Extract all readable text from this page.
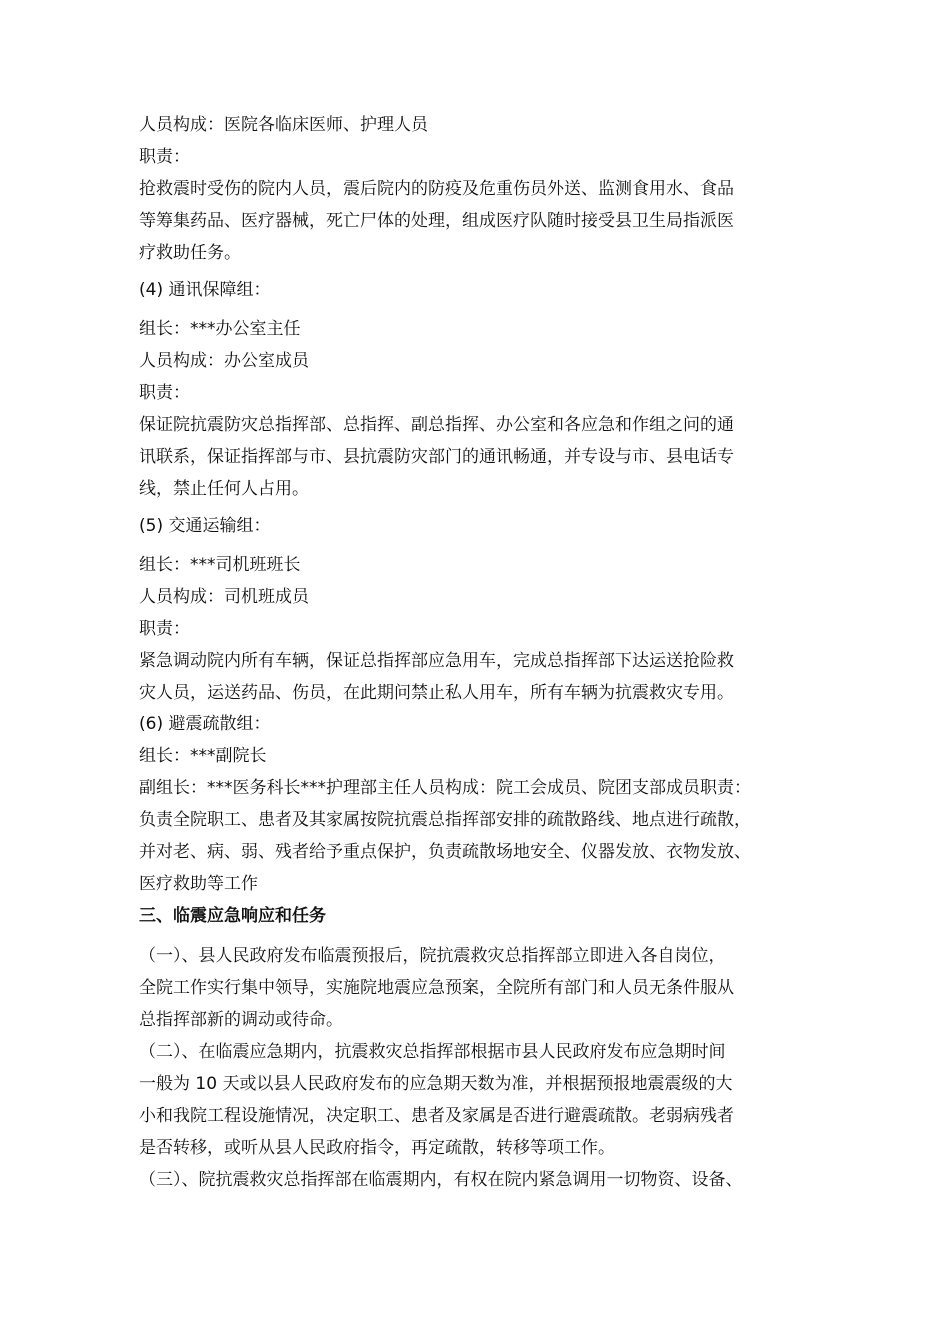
人员构成：医院各临床医师、护理人员
职责：
抢救震时受伤的院内人员，震后院内的防疫及危重伤员外送、监测食用水、食品
等筹集药品、医疗器械，死亡尸体的处理，组成医疗队随时接受县卫生局指派医
疗救助任务。
(4) 通讯保障组：
组长：***办公室主任
人员构成：办公室成员
职责：
保证院抗震防灾总指挥部、总指挥、副总指挥、办公室和各应急和作组之问的通
讯联系，保证指挥部与市、县抗震防灾部门的通讯畅通，并专设与市、县电话专
线，禁止任何人占用。
(5) 交通运输组：
组长：***司机班班长
人员构成：司机班成员
职责：
紧急调动院内所有车辆，保证总指挥部应急用车，完成总指挥部下达运送抢险救
灾人员，运送药品、伤员，在此期问禁止私人用车，所有车辆为抗震救灾专用。
(6) 避震疏散组：
组长：***副院长
副组长：***医务科长***护理部主任人员构成：院工会成员、院团支部成员职责：
负责全院职工、患者及其家属按院抗震总指挥部安排的疏散路线、地点进行疏散，
并对老、病、弱、残者给予重点保护，负责疏散场地安全、仪器发放、衣物发放、
医疗救助等工作
三、临震应急响应和任务
（一）、县人民政府发布临震预报后，院抗震救灾总指挥部立即进入各自岗位，
全院工作实行集中领导，实施院地震应急预案，全院所有部门和人员无条件服从
总指挥部新的调动或待命。
（二）、在临震应急期内，抗震救灾总指挥部根据市县人民政府发布应急期时间
一般为 10 天或以县人民政府发布的应急期天数为准，并根据预报地震震级的大
小和我院工程设施情况，决定职工、患者及家属是否进行避震疏散。老弱病残者
是否转移，或听从县人民政府指令，再定疏散，转移等项工作。
（三）、院抗震救灾总指挥部在临震期内，有权在院内紧急调用一切物资、设备、
